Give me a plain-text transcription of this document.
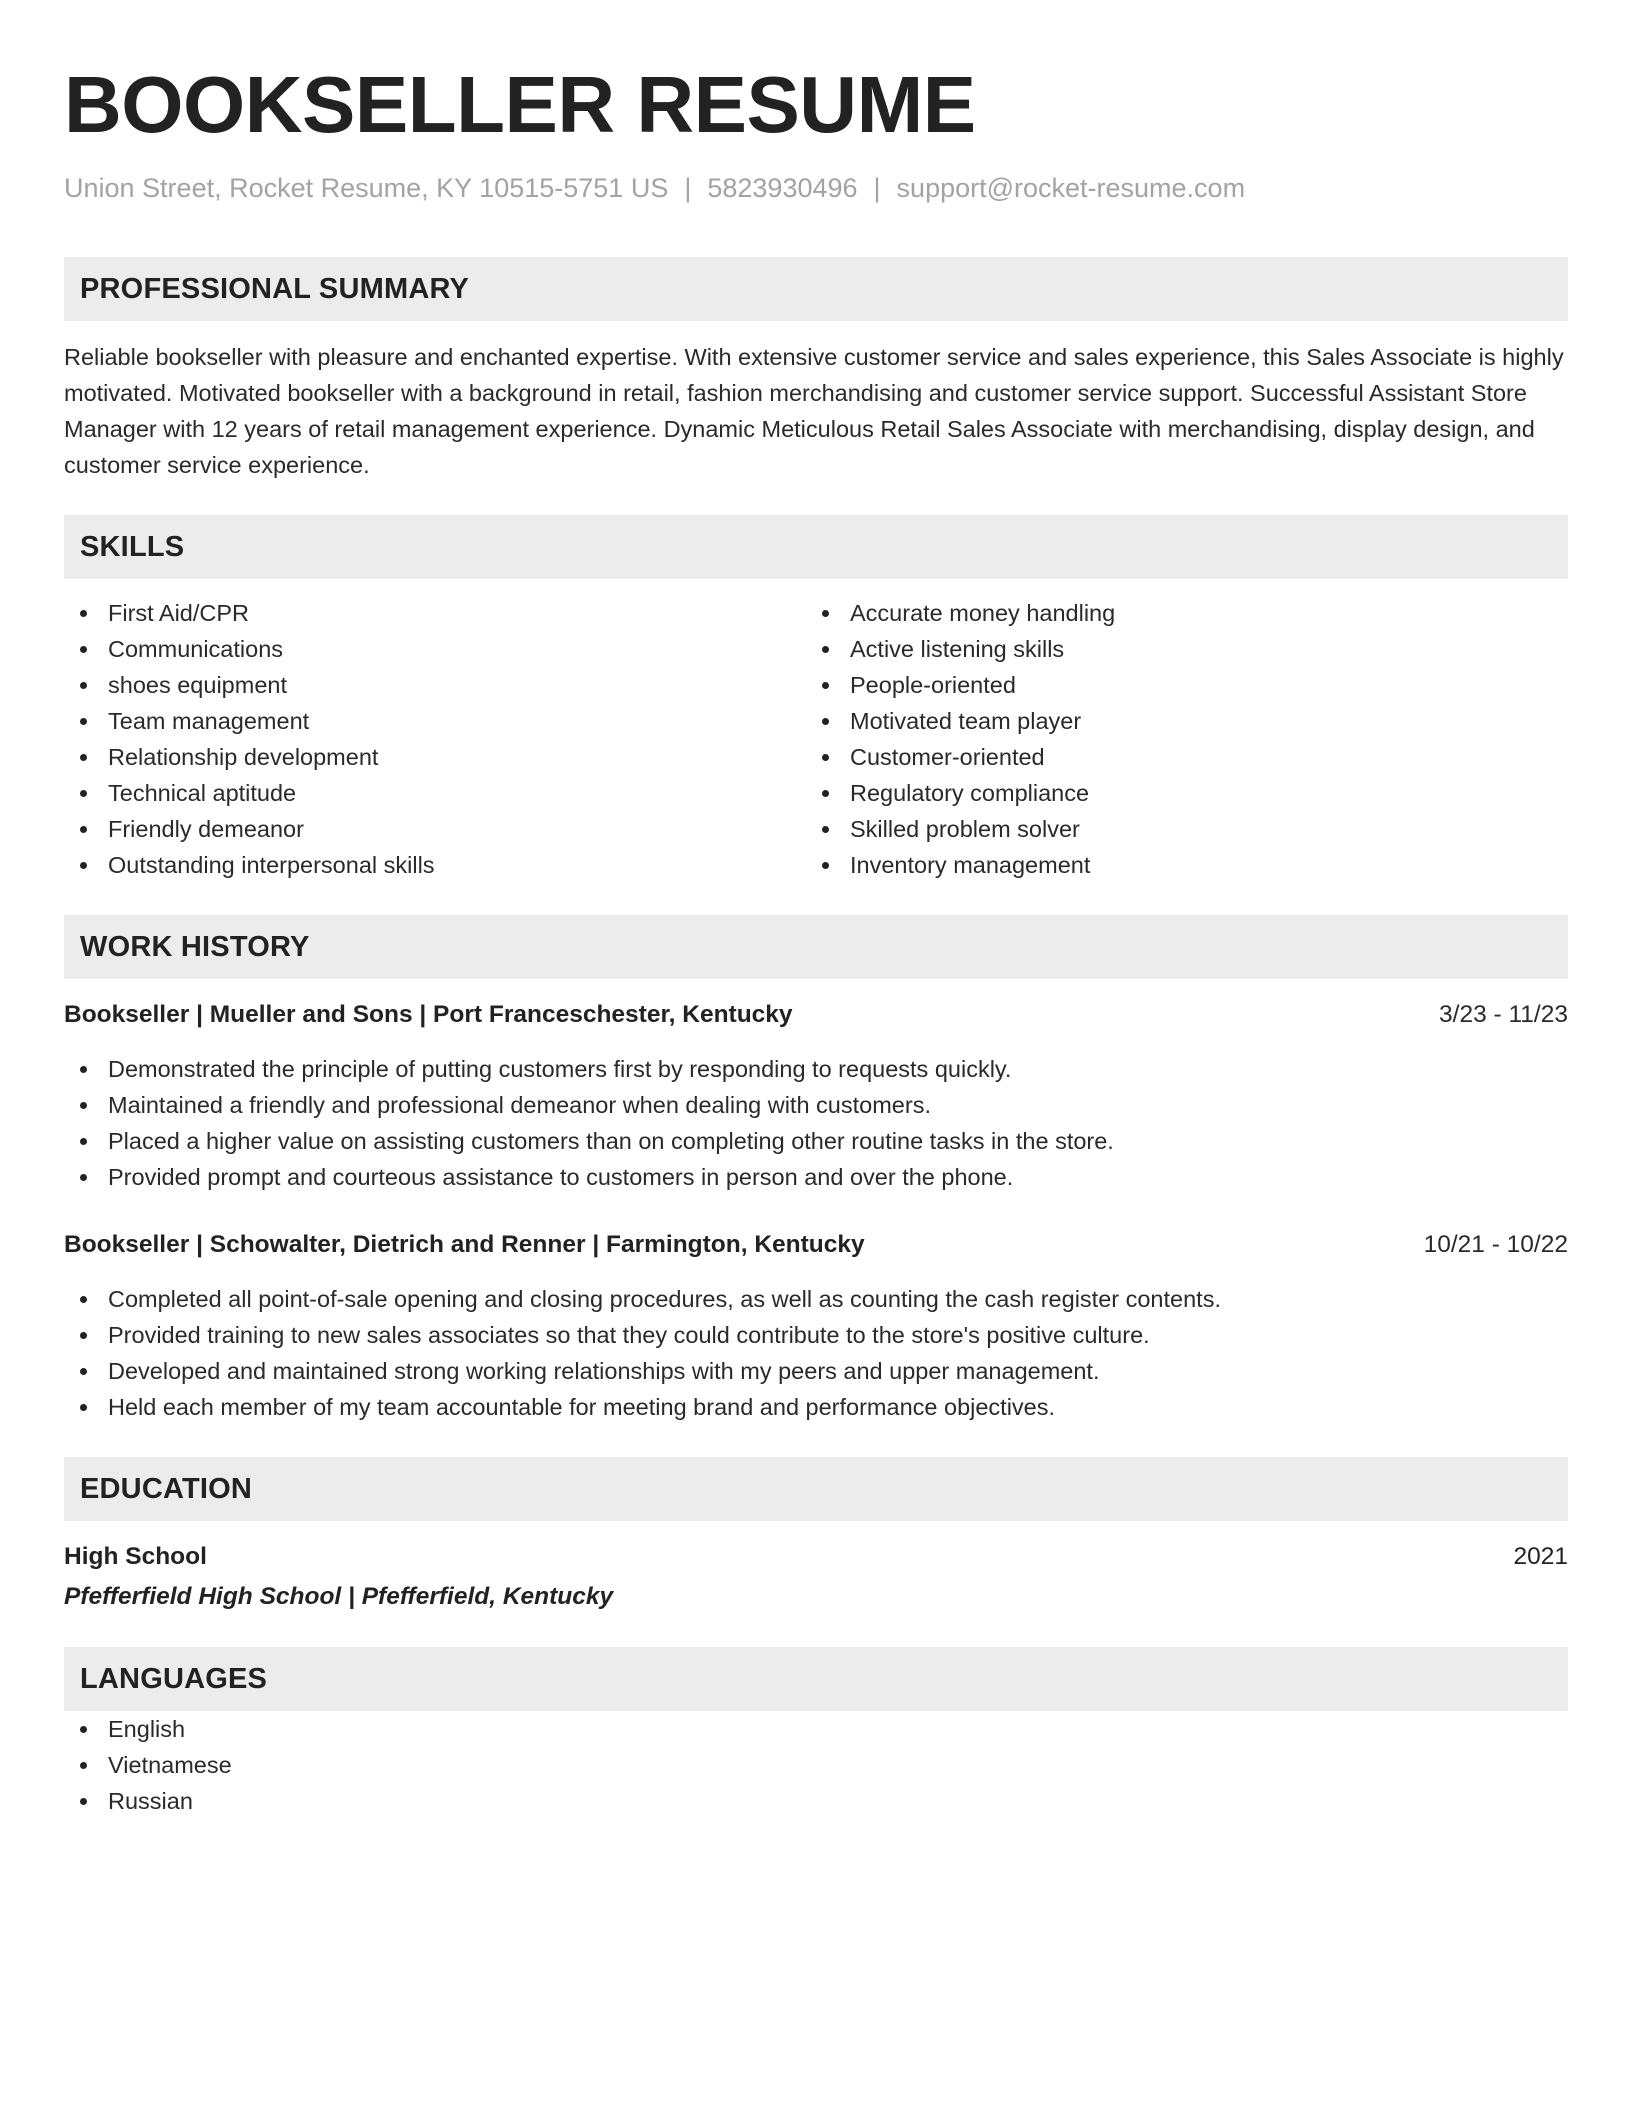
BOOKSELLER RESUME
Union Street, Rocket Resume, KY 10515-5751 US | 5823930496 | support@rocket-resume.com
PROFESSIONAL SUMMARY
Reliable bookseller with pleasure and enchanted expertise. With extensive customer service and sales experience, this Sales Associate is highly motivated. Motivated bookseller with a background in retail, fashion merchandising and customer service support. Successful Assistant Store Manager with 12 years of retail management experience. Dynamic Meticulous Retail Sales Associate with merchandising, display design, and customer service experience.
SKILLS
First Aid/CPR
Communications
shoes equipment
Team management
Relationship development
Technical aptitude
Friendly demeanor
Outstanding interpersonal skills
Accurate money handling
Active listening skills
People-oriented
Motivated team player
Customer-oriented
Regulatory compliance
Skilled problem solver
Inventory management
WORK HISTORY
Bookseller | Mueller and Sons | Port Franceschester, Kentucky	3/23 - 11/23
Demonstrated the principle of putting customers first by responding to requests quickly.
Maintained a friendly and professional demeanor when dealing with customers.
Placed a higher value on assisting customers than on completing other routine tasks in the store.
Provided prompt and courteous assistance to customers in person and over the phone.
Bookseller | Schowalter, Dietrich and Renner | Farmington, Kentucky	10/21 - 10/22
Completed all point-of-sale opening and closing procedures, as well as counting the cash register contents.
Provided training to new sales associates so that they could contribute to the store's positive culture.
Developed and maintained strong working relationships with my peers and upper management.
Held each member of my team accountable for meeting brand and performance objectives.
EDUCATION
High School	2021
Pfefferfield High School | Pfefferfield, Kentucky
LANGUAGES
English
Vietnamese
Russian
